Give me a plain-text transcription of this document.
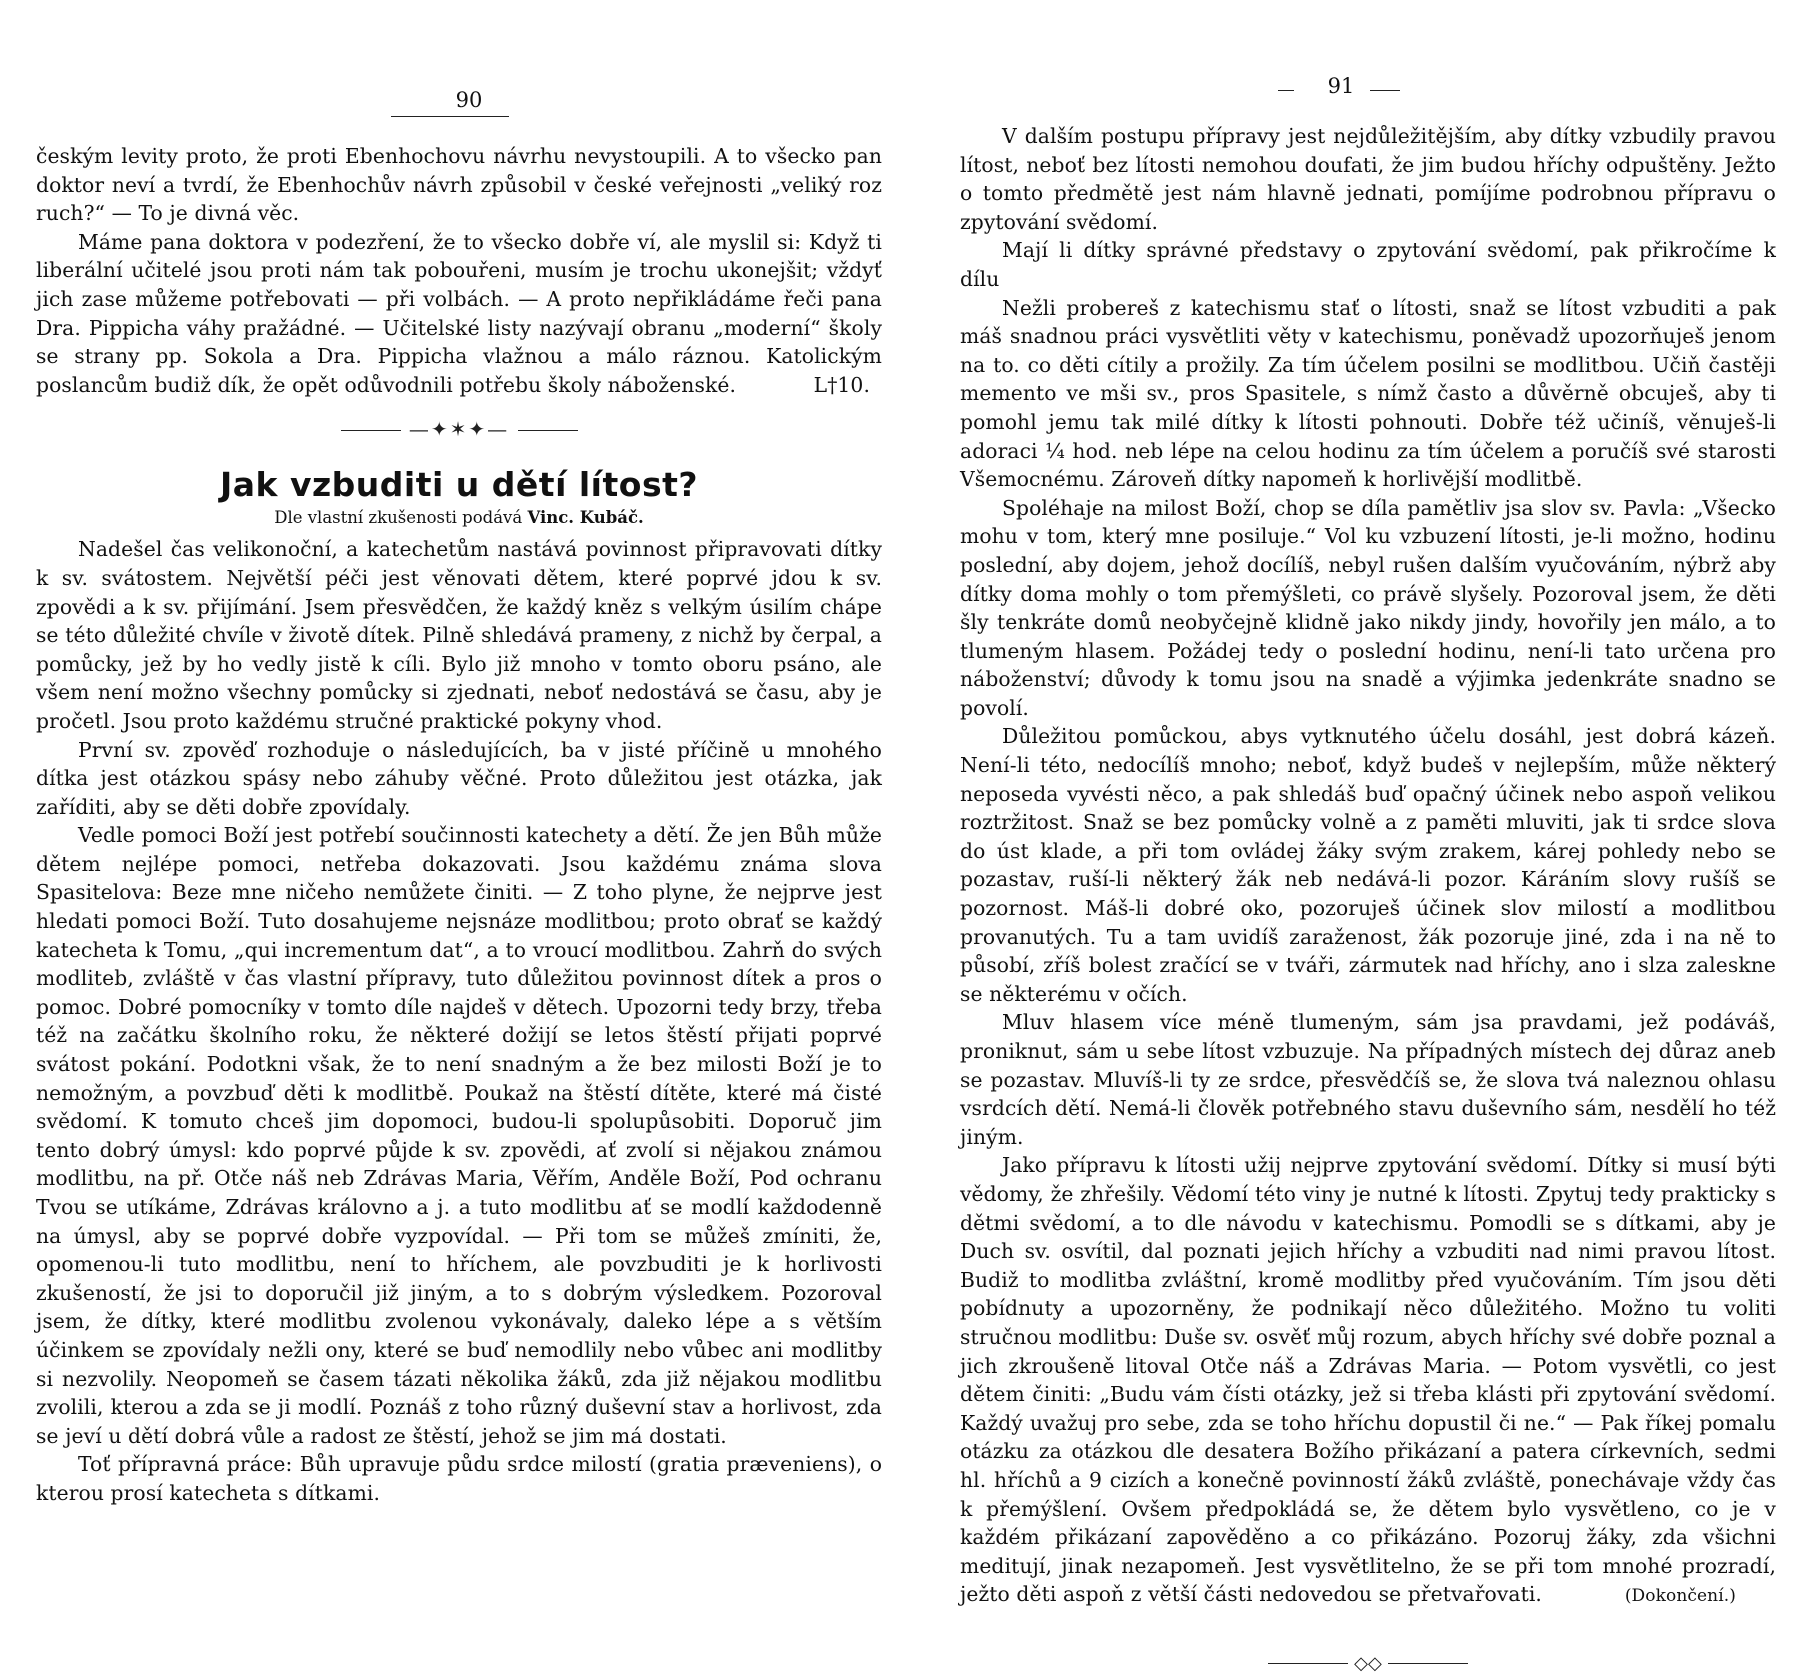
90

českým levity proto, že proti Ebenhochovu návrhu nevystoupili. A to všecko pan doktor neví a tvrdí, že Ebenhochův návrh způsobil v české veřejnosti „veliký roz ruch?“ — To je divná věc.

Máme pana doktora v podezření, že to všecko dobře ví, ale myslil si: Když ti liberální učitelé jsou proti nám tak pobouřeni, musím je trochu ukonejšit; vždyť jich zase můžeme potřebovati — při volbách. — A proto nepřikládáme řeči pana Dra. Pippicha váhy pražádné. — Učitelské listy nazývají obranu „moderní“ školy se strany pp. Sokola a Dra. Pippicha vlažnou a málo ráznou. Katolickým poslancům budiž dík, že opět odůvodnili potřebu školy náboženské.	L†10.

—✦✶✦—
Jak vzbuditi u dětí lítost?

Dle vlastní zkušenosti podává Vinc. Kubáč.

Nadešel čas velikonoční, a katechetům nastává povinnost připravovati dítky k sv. svátostem. Největší péči jest věnovati dětem, které poprvé jdou k sv. zpovědi a k sv. přijímání. Jsem přesvědčen, že každý kněz s velkým úsilím chápe se této důležité chvíle v životě dítek. Pilně shledává prameny, z nichž by čerpal, a pomůcky, jež by ho vedly jistě k cíli. Bylo již mnoho v tomto oboru psáno, ale všem není možno všechny pomůcky si zjednati, neboť nedostává se času, aby je pročetl. Jsou proto každému stručné praktické pokyny vhod.

První sv. zpověď rozhoduje o následujících, ba v jisté příčině u mnohého dítka jest otázkou spásy nebo záhuby věčné. Proto důležitou jest otázka, jak zaříditi, aby se děti dobře zpovídaly.

Vedle pomoci Boží jest potřebí součinnosti katechety a dětí. Že jen Bůh může dětem nejlépe pomoci, netřeba dokazovati. Jsou každému známa slova Spasitelova: Beze mne ničeho nemůžete činiti. — Z toho plyne, že nejprve jest hledati pomoci Boží. Tuto dosahujeme nejsnáze modlitbou; proto obrať se každý katecheta k Tomu, „qui incrementum dat“, a to vroucí modlitbou. Zahrň do svých modliteb, zvláště v čas vlastní přípravy, tuto důležitou povinnost dítek a pros o pomoc. Dobré pomocníky v tomto díle najdeš v dětech. Upozorni tedy brzy, třeba též na začátku školního roku, že některé dožijí se letos štěstí přijati poprvé svátost pokání. Podotkni však, že to není snadným a že bez milosti Boží je to nemožným, a povzbuď děti k modlitbě. Poukaž na štěstí dítěte, které má čisté svědomí. K tomuto chceš jim dopomoci, budou-li spolupůsobiti. Doporuč jim tento dobrý úmysl: kdo poprvé půjde k sv. zpovědi, ať zvolí si nějakou známou modlitbu, na př. Otče náš neb Zdrávas Maria, Věřím, Anděle Boží, Pod ochranu Tvou se utíkáme, Zdrávas královno a j. a tuto modlitbu ať se modlí každodenně na úmysl, aby se poprvé dobře vyzpovídal. — Při tom se můžeš zmíniti, že, opomenou-li tuto modlitbu, není to hříchem, ale povzbuditi je k horlivosti zkušeností, že jsi to doporučil již jiným, a to s dobrým výsledkem. Pozoroval jsem, že dítky, které modlitbu zvolenou vykonávaly, daleko lépe a s větším účinkem se zpovídaly nežli ony, které se buď nemodlily nebo vůbec ani modlitby si nezvolily. Neopomeň se časem tázati několika žáků, zda již nějakou modlitbu zvolili, kterou a zda se ji modlí. Poznáš z toho různý duševní stav a horlivost, zda se jeví u dětí dobrá vůle a radost ze štěstí, jehož se jim má dostati.

Toť přípravná práce: Bůh upravuje půdu srdce milostí (gratia præveniens), o kterou prosí katecheta s dítkami.

91

V dalším postupu přípravy jest nejdůležitějším, aby dítky vzbudily pravou lítost, neboť bez lítosti nemohou doufati, že jim budou hříchy odpuštěny. Ježto o tomto předmětě jest nám hlavně jednati, pomíjíme podrobnou přípravu o zpytování svědomí.

Mají li dítky správné představy o zpytování svědomí, pak přikročíme k dílu

Nežli probereš z katechismu stať o lítosti, snaž se lítost vzbuditi a pak máš snadnou práci vysvětliti věty v katechismu, poněvadž upozorňuješ jenom na to. co děti cítily a prožily. Za tím účelem posilni se modlitbou. Učiň častěji memento ve mši sv., pros Spasitele, s nímž často a důvěrně obcuješ, aby ti pomohl jemu tak milé dítky k lítosti pohnouti. Dobře též učiníš, věnuješ-li adoraci ¼ hod. neb lépe na celou hodinu za tím účelem a poručíš své starosti Všemocnému. Zároveň dítky napomeň k horlivější modlitbě.

Spoléhaje na milost Boží, chop se díla pamětliv jsa slov sv. Pavla: „Všecko mohu v tom, který mne posiluje.“ Vol ku vzbuzení lítosti, je-li možno, hodinu poslední, aby dojem, jehož docílíš, nebyl rušen dalším vyučováním, nýbrž aby dítky doma mohly o tom přemýšleti, co právě slyšely. Pozoroval jsem, že děti šly tenkráte domů neobyčejně klidně jako nikdy jindy, hovořily jen málo, a to tlumeným hlasem. Požádej tedy o poslední hodinu, není-li tato určena pro náboženství; důvody k tomu jsou na snadě a výjimka jedenkráte snadno se povolí.

Důležitou pomůckou, abys vytknutého účelu dosáhl, jest dobrá kázeň. Není-li této, nedocílíš mnoho; neboť, když budeš v nejlepším, může některý neposeda vyvésti něco, a pak shledáš buď opačný účinek nebo aspoň velikou roztržitost. Snaž se bez pomůcky volně a z paměti mluviti, jak ti srdce slova do úst klade, a při tom ovládej žáky svým zrakem, kárej pohledy nebo se pozastav, ruší-li některý žák neb nedává-li pozor. Káráním slovy rušíš se pozornost. Máš-li dobré oko, pozoruješ účinek slov milostí a modlitbou provanutých. Tu a tam uvidíš zaraženost, žák pozoruje jiné, zda i na ně to působí, zříš bolest zračící se v tváři, zármutek nad hříchy, ano i slza zaleskne se některému v očích.

Mluv hlasem více méně tlumeným, sám jsa pravdami, jež podáváš, proniknut, sám u sebe lítost vzbuzuje. Na případných místech dej důraz aneb se pozastav. Mluvíš-li ty ze srdce, přesvědčíš se, že slova tvá naleznou ohlasu vsrdcích dětí. Nemá-li člověk potřebného stavu duševního sám, nesdělí ho též jiným.

Jako přípravu k lítosti užij nejprve zpytování svědomí. Dítky si musí býti vědomy, že zhřešily. Vědomí této viny je nutné k lítosti. Zpytuj tedy prakticky s dětmi svědomí, a to dle návodu v katechismu. Pomodli se s dítkami, aby je Duch sv. osvítil, dal poznati jejich hříchy a vzbuditi nad nimi pravou lítost. Budiž to modlitba zvláštní, kromě modlitby před vyučováním. Tím jsou děti pobídnuty a upozorněny, že podnikají něco důležitého. Možno tu voliti stručnou modlitbu: Duše sv. osvěť můj rozum, abych hříchy své dobře poznal a jich zkroušeně litoval Otče náš a Zdrávas Maria. — Potom vysvětli, co jest dětem činiti: „Budu vám čísti otázky, jež si třeba klásti při zpytování svědomí. Každý uvažuj pro sebe, zda se toho hříchu dopustil či ne.“ — Pak říkej pomalu otázku za otázkou dle desatera Božího přikázaní a patera církevních, sedmi hl. hříchů a 9 cizích a konečně povinností žáků zvláště, ponechávaje vždy čas k přemýšlení. Ovšem předpokládá se, že dětem bylo vysvětleno, co je v každém přikázaní zapověděno a co přikázáno. Pozoruj žáky, zda všichni meditují, jinak nezapomeň. Jest vysvětlitelno, že se při tom mnohé prozradí, ježto děti aspoň z větší části nedovedou se přetvařovati.	(Dokončení.)

◇◇
